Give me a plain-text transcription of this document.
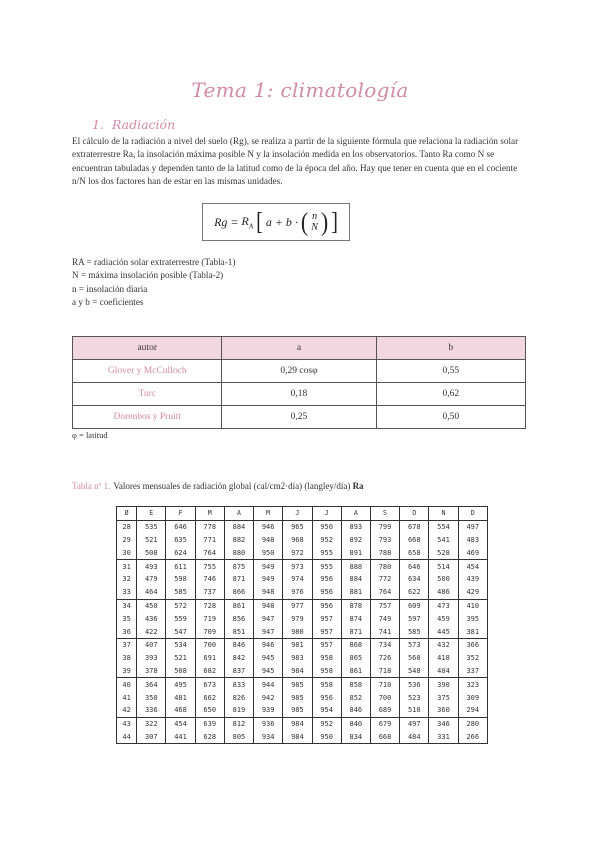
Tema 1: climatología
1. Radiación
El cálculo de la radiación a nivel del suelo (Rg), se realiza a partir de la siguiente fórmula que relaciona la radiación solar extraterrestre Ra, la insolación máxima posible N y la insolación medida en los observatorios. Tanto Ra como N se encuentran tabuladas y dependen tanto de la latitud como de la época del año. Hay que tener en cuenta que en el cociente n/N los dos factores han de estar en las mismas unidades.
$Rg = R_A$ [ a + b · ( n
N ) ]
RA = radiación solar extraterrestre (Tabla-1)
N = máxima insolación posible (Tabla-2)
n = insolación diaria
a y b = coeficientes
autor	a	b
Glover y McCulloch	0,29 cosφ	0,55
Turc	0,18	0,62
Dorenbos y Pruitt	0,25	0,50
φ = latitud
Tabla nº 1. Valores mensuales de radiación global (cal/cm2·día) (langley/día) Ra
Ø	E	F	M	A	M	J	J	A	S	O	N	D
28	535	646	778	884	946	965	950	893	799	678	554	497
29	521	635	771	882	948	968	952	892	793	668	541	483
30	508	624	764	880	950	972	955	891	788	658	528	469
31	493	611	755	875	949	973	955	888	780	646	514	454
32	479	598	746	871	949	974	956	884	772	634	500	439
33	464	585	737	866	948	976	956	881	764	622	486	429
34	450	572	728	861	948	977	956	878	757	609	473	410
35	436	559	719	856	947	979	957	874	749	597	459	395
36	422	547	709	851	947	980	957	871	741	585	445	381
37	407	534	700	846	946	981	957	868	734	573	432	366
38	393	521	691	842	945	983	958	865	726	560	418	352
39	378	508	682	837	945	984	958	861	718	548	404	337
40	364	495	673	833	944	985	958	858	710	536	390	323
41	350	481	662	826	942	985	956	852	700	523	375	309
42	336	468	650	819	939	985	954	846	689	510	360	294
43	322	454	639	812	936	984	952	840	679	497	346	280
44	307	441	628	805	934	984	950	834	668	484	331	266
